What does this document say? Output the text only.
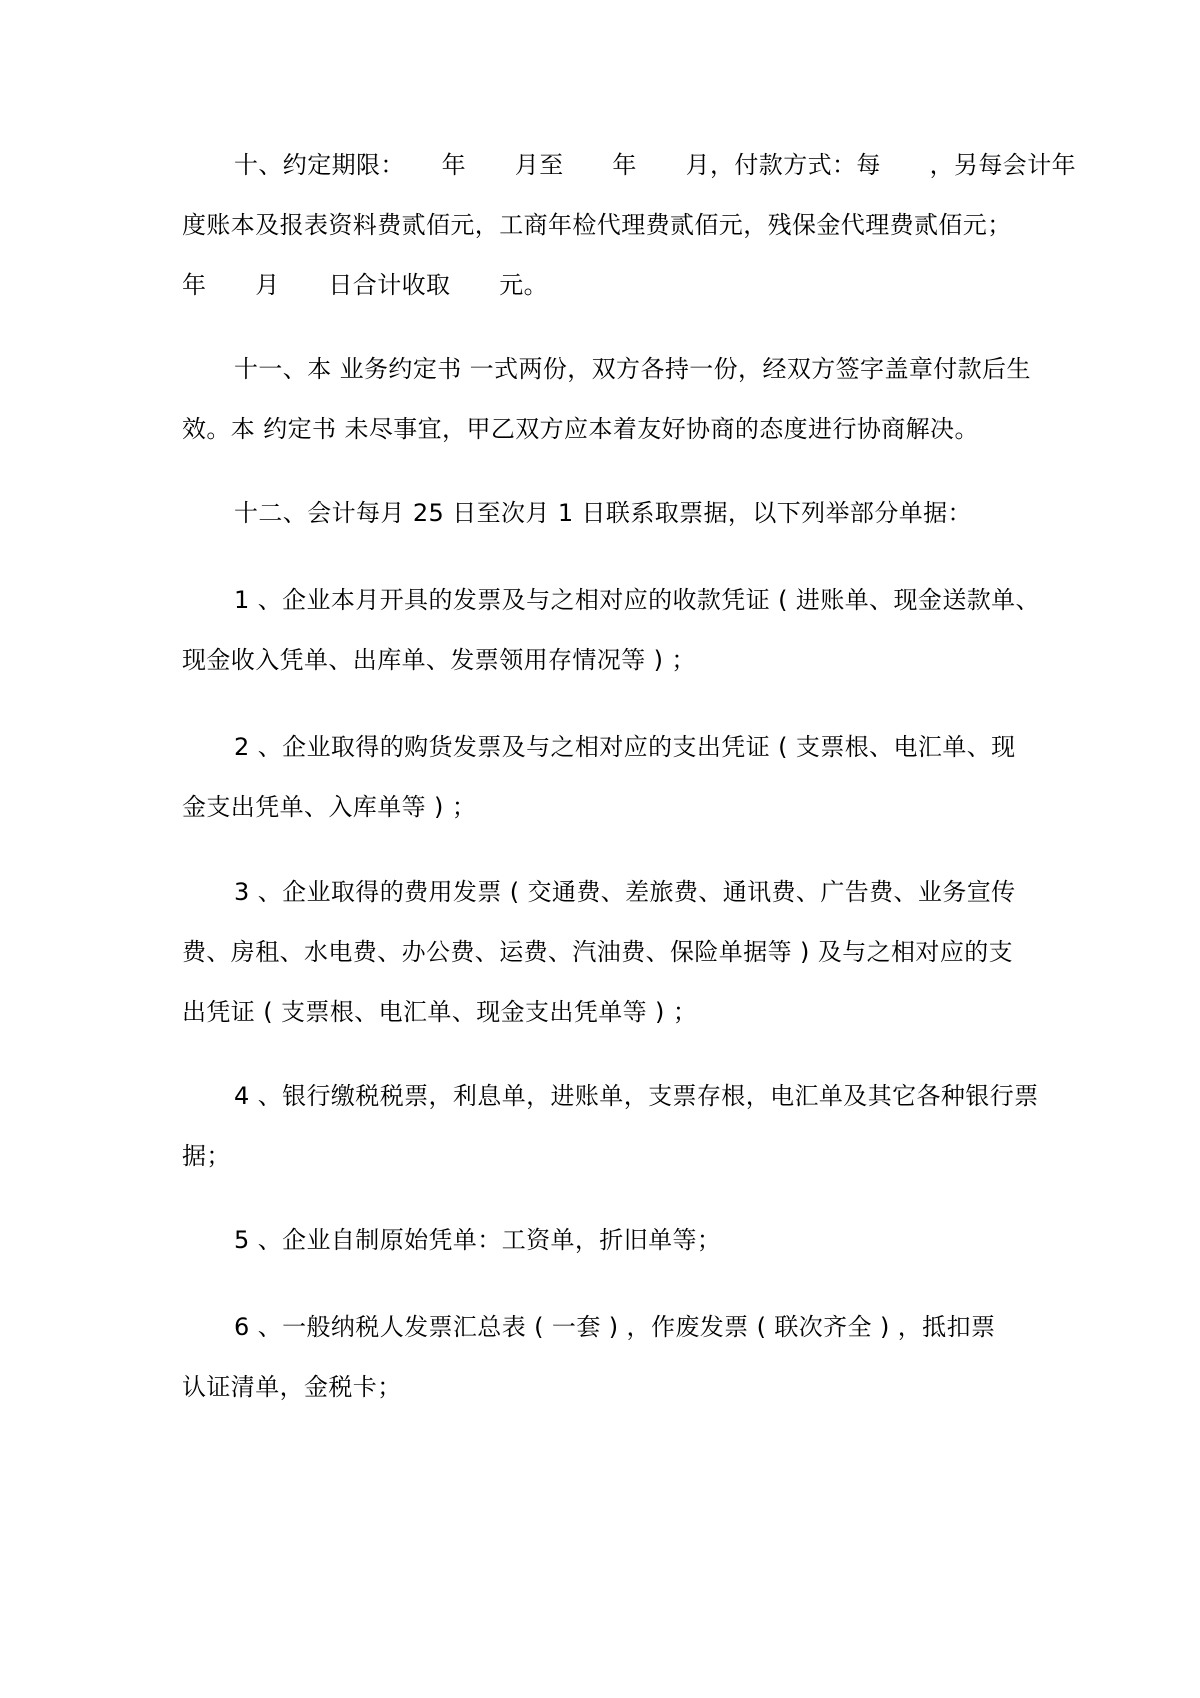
十、约定期限：　　年　　月至　　年　　月，付款方式：每　　，另每会计年
度账本及报表资料费贰佰元，工商年检代理费贰佰元，残保金代理费贰佰元；
年　　月　　日合计收取　　元。
十一、本 业务约定书 一式两份，双方各持一份，经双方签字盖章付款后生
效。本 约定书 未尽事宜，甲乙双方应本着友好协商的态度进行协商解决。
十二、会计每月 25 日至次月 1 日联系取票据，以下列举部分单据：
1 、企业本月开具的发票及与之相对应的收款凭证 ( 进账单、现金送款单、
现金收入凭单、出库单、发票领用存情况等 ) ；
2 、企业取得的购货发票及与之相对应的支出凭证 ( 支票根、电汇单、现
金支出凭单、入库单等 ) ；
3 、企业取得的费用发票 ( 交通费、差旅费、通讯费、广告费、业务宣传
费、房租、水电费、办公费、运费、汽油费、保险单据等 ) 及与之相对应的支
出凭证 ( 支票根、电汇单、现金支出凭单等 ) ；
4 、银行缴税税票，利息单，进账单，支票存根，电汇单及其它各种银行票
据；
5 、企业自制原始凭单：工资单，折旧单等；
6 、一般纳税人发票汇总表 ( 一套 ) ，作废发票 ( 联次齐全 ) ，抵扣票
认证清单，金税卡；
